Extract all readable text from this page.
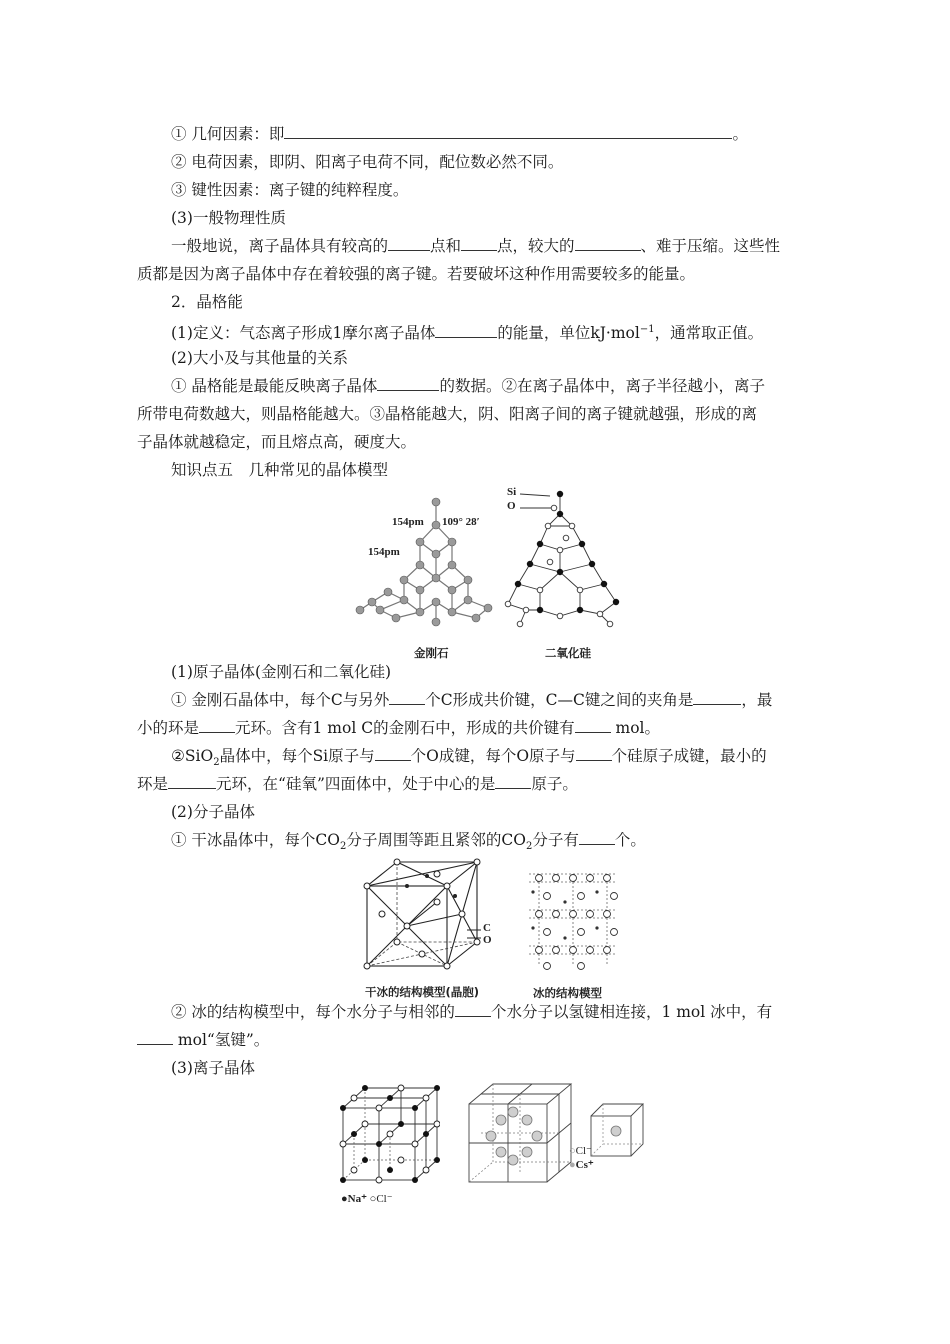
① 几何因素：即	。
② 电荷因素，即阴、阳离子电荷不同，配位数必然不同。
③ 键性因素：离子键的纯粹程度。
(3)一般物理性质
一般地说，离子晶体具有较高的	点和 点，较大的	、难于压缩。这些性
质都是因为离子晶体中存在着较强的离子键。若要破坏这种作用需要较多的能量。
2．晶格能
(1)定义：气态离子形成1摩尔离子晶体	的能量，单位kJ·mol$^{-1}$，通常取正值。
(2)大小及与其他量的关系
① 晶格能是最能反映离子晶体	的数据。②在离子晶体中，离子半径越小，离子
所带电荷数越大，则晶格能越大。③晶格能越大，阴、阳离子间的离子键就越强，形成的离
子晶体就越稳定，而且熔点高，硬度大。
知识点五　几种常见的晶体模型
154pm 109° 28′
154pm
金刚石
Si
O
二氧化硅
(1)原子晶体(金刚石和二氧化硅)
① 金刚石晶体中，每个C与另外 个C形成共价键，C—C键之间的夹角是	，最
小的环是 元环。含有1 mol C的金刚石中，形成的共价键有 mol。
②SiO$_2$晶体中，每个Si原子与 个O成键，每个O原子与 个硅原子成键，最小的
环是	元环，在“硅氧”四面体中，处于中心的是 原子。
(2)分子晶体
① 干冰晶体中，每个$CO_2$分子周围等距且紧邻的$CO_2$分子有 个。
C
O
干冰的结构模型(晶胞)	冰的结构模型
② 冰的结构模型中，每个水分子与相邻的 个水分子以氢键相连接，1 mol 冰中，有
mol“氢键”。
(3)离子晶体
●Na⁺ ○Cl⁻
○Cl⁻
●Cs⁺
